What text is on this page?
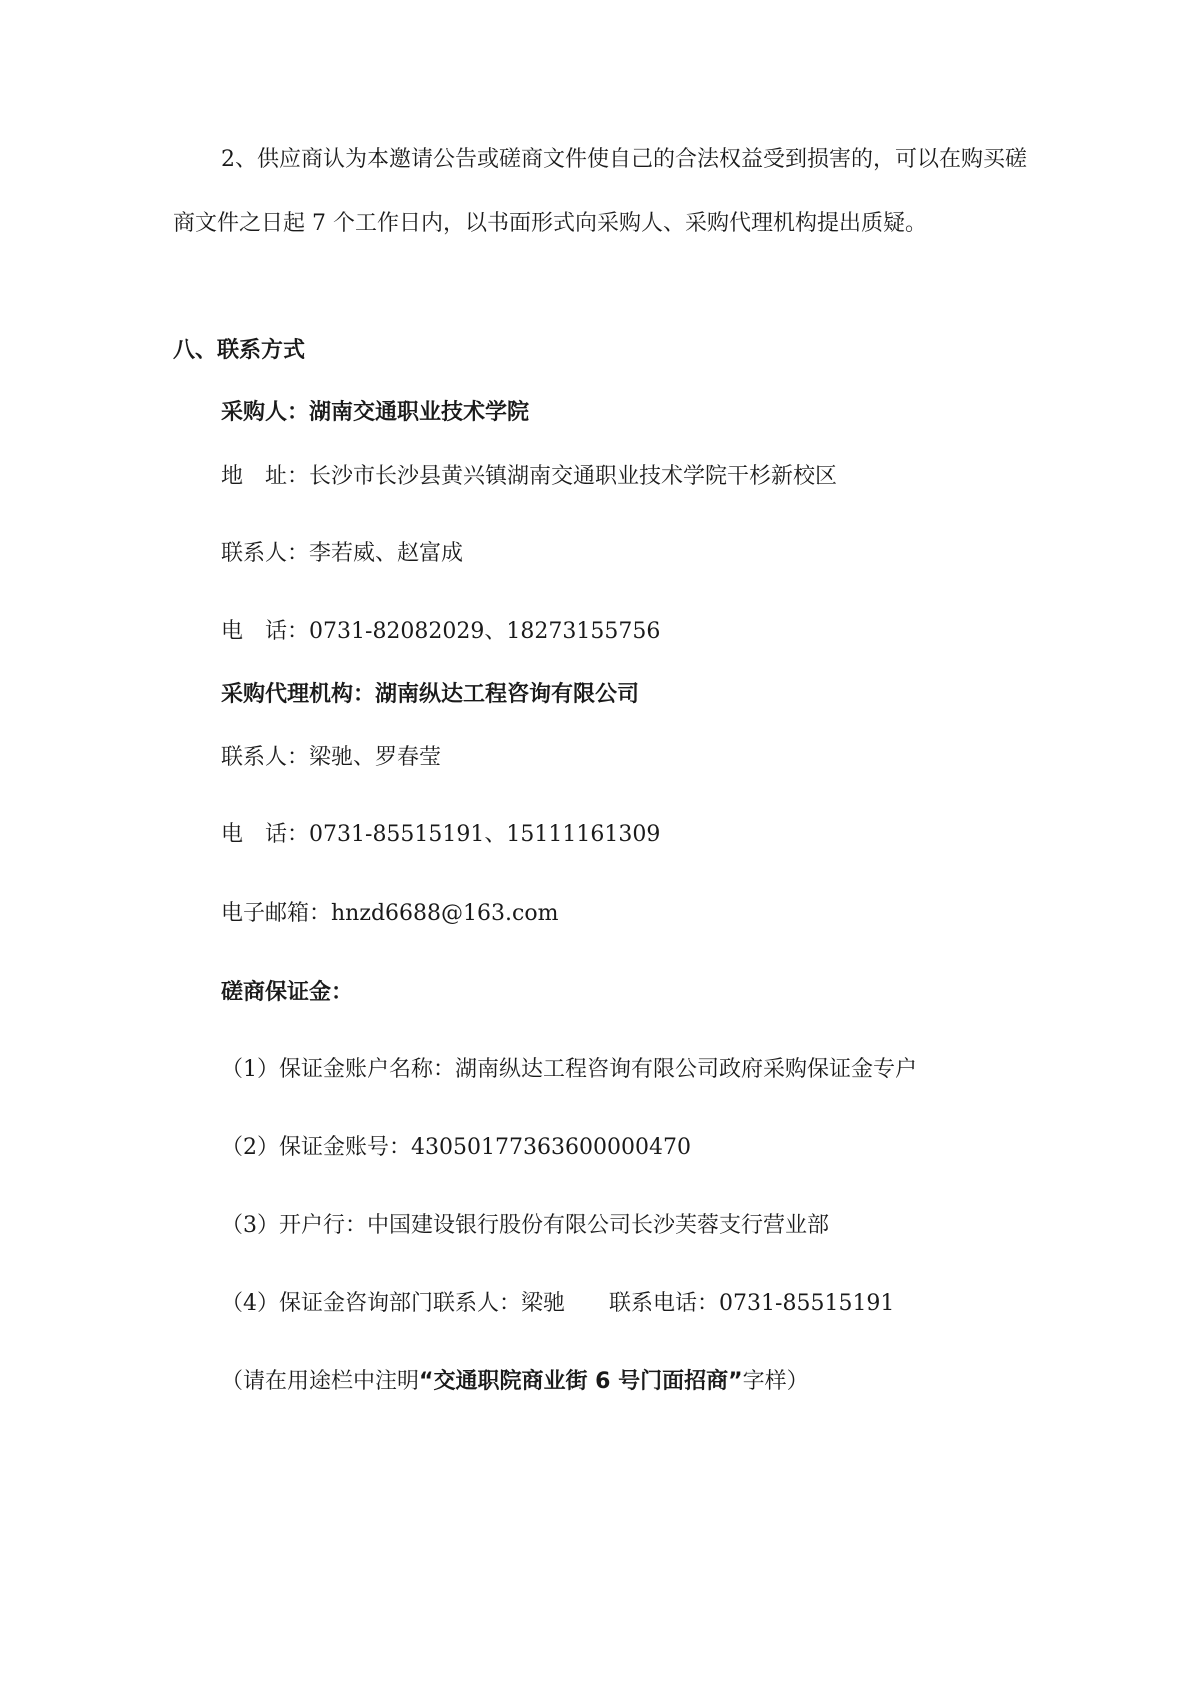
2、供应商认为本邀请公告或磋商文件使自己的合法权益受到损害的，可以在购买磋商文件之日起 7 个工作日内，以书面形式向采购人、采购代理机构提出质疑。

八、联系方式
采购人：湖南交通职业技术学院
地　址：长沙市长沙县黄兴镇湖南交通职业技术学院干杉新校区
联系人：李若威、赵富成
电　话：0731-82082029、18273155756
采购代理机构：湖南纵达工程咨询有限公司
联系人：梁驰、罗春莹
电　话：0731-85515191、15111161309
电子邮箱：hnzd6688@163.com
磋商保证金：
（1）保证金账户名称：湖南纵达工程咨询有限公司政府采购保证金专户
（2）保证金账号：43050177363600000470
（3）开户行：中国建设银行股份有限公司长沙芙蓉支行营业部
（4）保证金咨询部门联系人：梁驰 联系电话：0731-85515191
（请在用途栏中注明“交通职院商业街 6 号门面招商”字样）
